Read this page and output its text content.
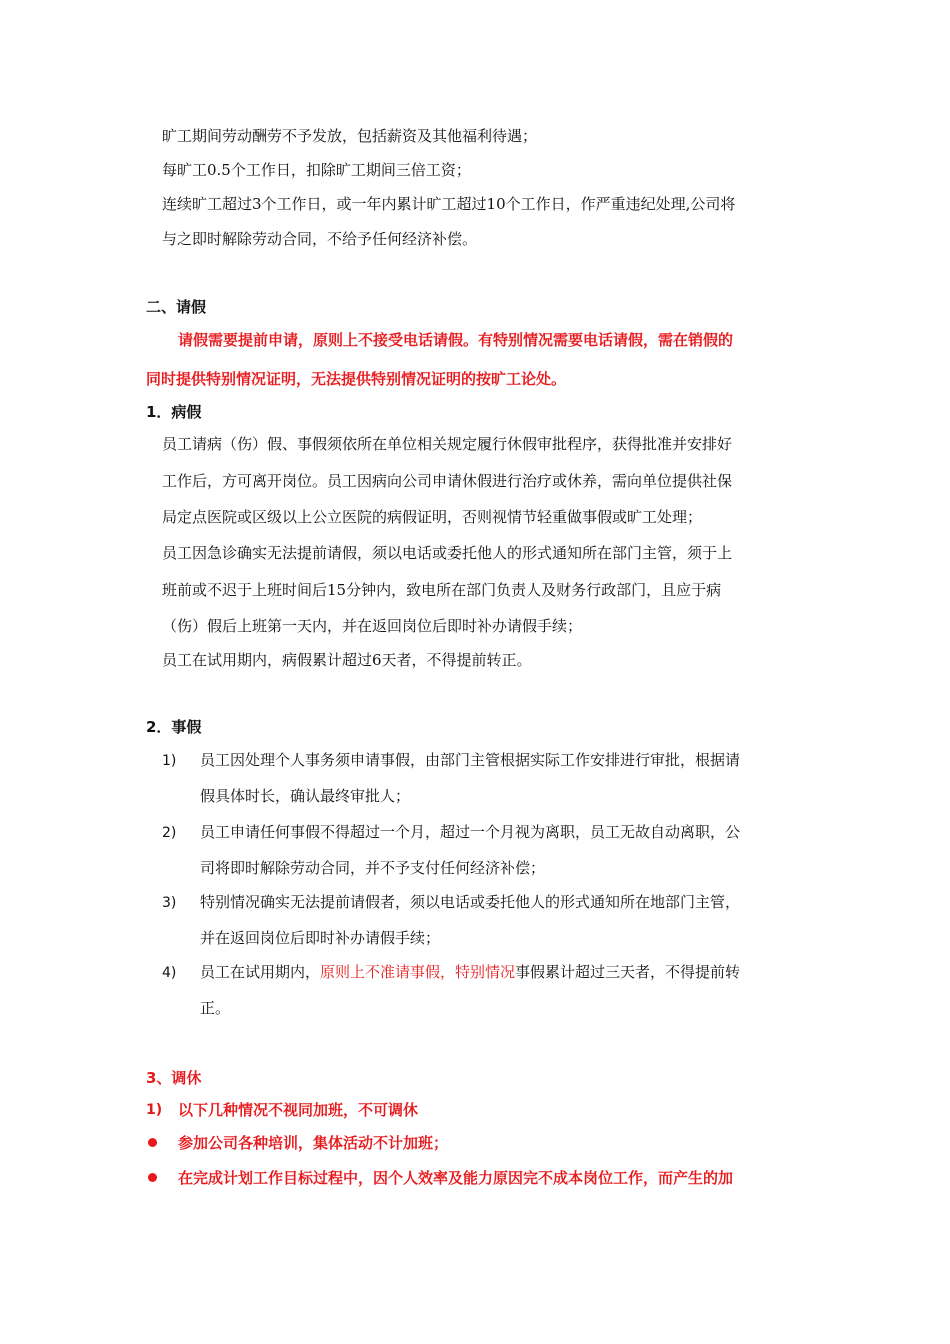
旷工期间劳动酬劳不予发放，包括薪资及其他福利待遇；
每旷工0.5个工作日，扣除旷工期间三倍工资；
连续旷工超过3个工作日，或一年内累计旷工超过10个工作日，作严重违纪处理,公司将
与之即时解除劳动合同，不给予任何经济补偿。
二、请假
请假需要提前申请，原则上不接受电话请假。有特别情况需要电话请假，需在销假的
同时提供特别情况证明，无法提供特别情况证明的按旷工论处。
1．病假
员工请病（伤）假、事假须依所在单位相关规定履行休假审批程序，获得批准并安排好
工作后，方可离开岗位。员工因病向公司申请休假进行治疗或休养，需向单位提供社保
局定点医院或区级以上公立医院的病假证明，否则视情节轻重做事假或旷工处理；
员工因急诊确实无法提前请假，须以电话或委托他人的形式通知所在部门主管，须于上
班前或不迟于上班时间后15分钟内，致电所在部门负责人及财务行政部门，且应于病
（伤）假后上班第一天内，并在返回岗位后即时补办请假手续；
员工在试用期内，病假累计超过6天者，不得提前转正。
2．事假
1) 员工因处理个人事务须申请事假，由部门主管根据实际工作安排进行审批，根据请
假具体时长，确认最终审批人；
2) 员工申请任何事假不得超过一个月，超过一个月视为离职，员工无故自动离职，公
司将即时解除劳动合同，并不予支付任何经济补偿；
3) 特别情况确实无法提前请假者，须以电话或委托他人的形式通知所在地部门主管，
并在返回岗位后即时补办请假手续；
4) 员工在试用期内，原则上不准请事假，特别情况事假累计超过三天者，不得提前转
正。
3、调休
1) 以下几种情况不视同加班，不可调休
参加公司各种培训，集体活动不计加班；
在完成计划工作目标过程中，因个人效率及能力原因完不成本岗位工作，而产生的加
